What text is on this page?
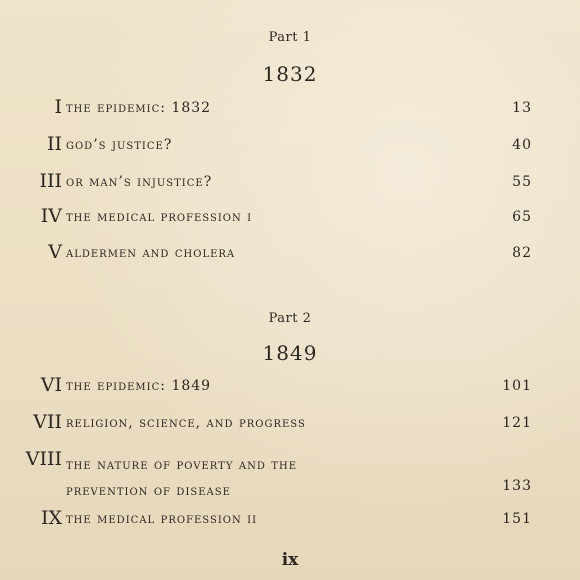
Part 1
1832
I the epidemic: 1832	13
II god’s justice?	40
III or man’s injustice?	55
IV the medical profession i	65
V aldermen and cholera	82
Part 2
1849
VI the epidemic: 1849	101
VII religion, science, and progress	121
VIII the nature of poverty and the
prevention of disease	133
IX the medical profession ii	151
ix
